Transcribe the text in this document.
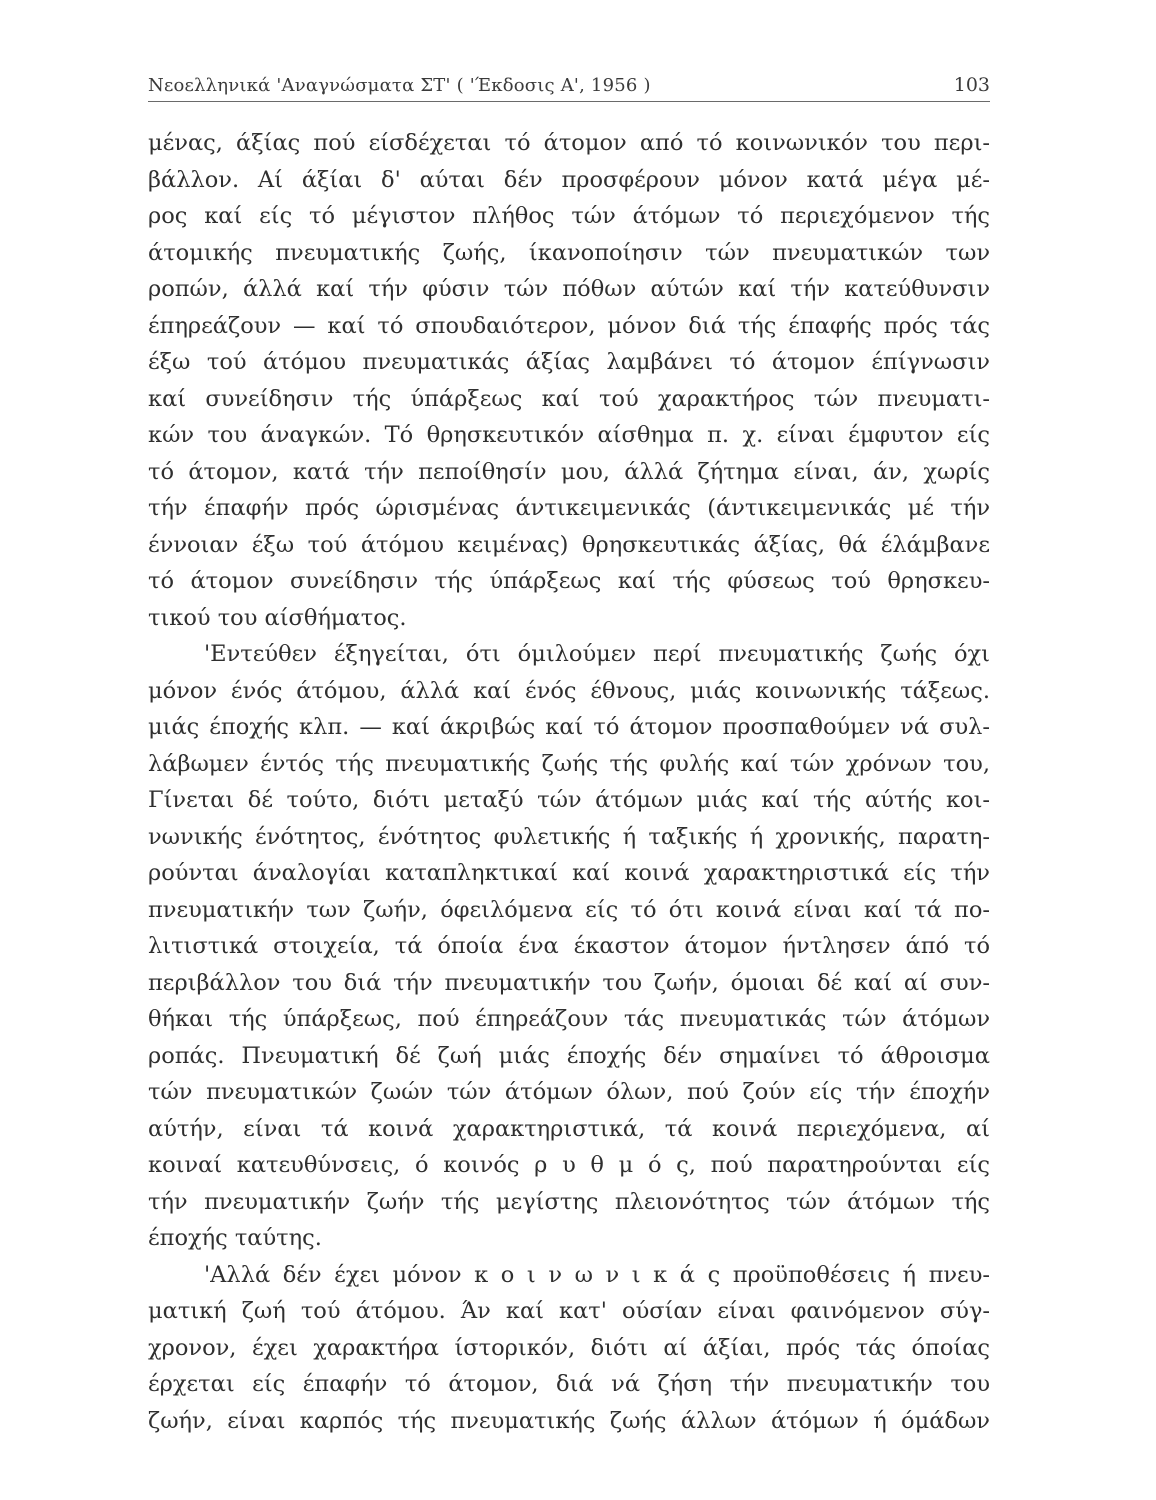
Νεοελληνικά 'Αναγνώσματα ΣΤ' ( 'Έκδοσις Α', 1956 )	103
μένας, άξίας πού είσδέχεται τό άτομον από τό κοινωνικόν του περι-
βάλλον. Αί άξίαι δ' αύται δέν προσφέρουν μόνον κατά μέγα μέ-
ρος καί είς τό μέγιστον πλήθος τών άτόμων τό περιεχόμενον τής
άτομικής πνευματικής ζωής, ίκανοποίησιν τών πνευματικών των
ροπών, άλλά καί τήν φύσιν τών πόθων αύτών καί τήν κατεύθυνσιν
έπηρεάζουν — καί τό σπουδαιότερον, μόνον διά τής έπαφής πρός τάς
έξω τού άτόμου πνευματικάς άξίας λαμβάνει τό άτομον έπίγνωσιν
καί συνείδησιν τής ύπάρξεως καί τού χαρακτήρος τών πνευματι-
κών του άναγκών. Τό θρησκευτικόν αίσθημα π. χ. είναι έμφυτον είς
τό άτομον, κατά τήν πεποίθησίν μου, άλλά ζήτημα είναι, άν, χωρίς
τήν έπαφήν πρός ώρισμένας άντικειμενικάς (άντικειμενικάς μέ τήν
έννοιαν έξω τού άτόμου κειμένας) θρησκευτικάς άξίας, θά έλάμβανε
τό άτομον συνείδησιν τής ύπάρξεως καί τής φύσεως τού θρησκευ-
τικού του αίσθήματος.
'Εντεύθεν έξηγείται, ότι όμιλούμεν περί πνευματικής ζωής όχι
μόνον ένός άτόμου, άλλά καί ένός έθνους, μιάς κοινωνικής τάξεως.
μιάς έποχής κλπ. — καί άκριβώς καί τό άτομον προσπαθούμεν νά συλ-
λάβωμεν έντός τής πνευματικής ζωής τής φυλής καί τών χρόνων του,
Γίνεται δέ τούτο, διότι μεταξύ τών άτόμων μιάς καί τής αύτής κοι-
νωνικής ένότητος, ένότητος φυλετικής ή ταξικής ή χρονικής, παρατη-
ρούνται άναλογίαι καταπληκτικαί καί κοινά χαρακτηριστικά είς τήν
πνευματικήν των ζωήν, όφειλόμενα είς τό ότι κοινά είναι καί τά πο-
λιτιστικά στοιχεία, τά όποία ένα έκαστον άτομον ήντλησεν άπό τό
περιβάλλον του διά τήν πνευματικήν του ζωήν, όμοιαι δέ καί αί συν-
θήκαι τής ύπάρξεως, πού έπηρεάζουν τάς πνευματικάς τών άτόμων
ροπάς. Πνευματική δέ ζωή μιάς έποχής δέν σημαίνει τό άθροισμα
τών πνευματικών ζωών τών άτόμων όλων, πού ζούν είς τήν έποχήν
αύτήν, είναι τά κοινά χαρακτηριστικά, τά κοινά περιεχόμενα, αί
κοιναί κατευθύνσεις, ό κοινός ρ υ θ μ ό ς, πού παρατηρούνται είς
τήν πνευματικήν ζωήν τής μεγίστης πλειονότητος τών άτόμων τής
έποχής ταύτης.
'Αλλά δέν έχει μόνον κ ο ι ν ω ν ι κ ά ς προϋποθέσεις ή πνευ-
ματική ζωή τού άτόμου. Άν καί κατ' ούσίαν είναι φαινόμενον σύγ-
χρονον, έχει χαρακτήρα ίστορικόν, διότι αί άξίαι, πρός τάς όποίας
έρχεται είς έπαφήν τό άτομον, διά νά ζήση τήν πνευματικήν του
ζωήν, είναι καρπός τής πνευματικής ζωής άλλων άτόμων ή όμάδων
